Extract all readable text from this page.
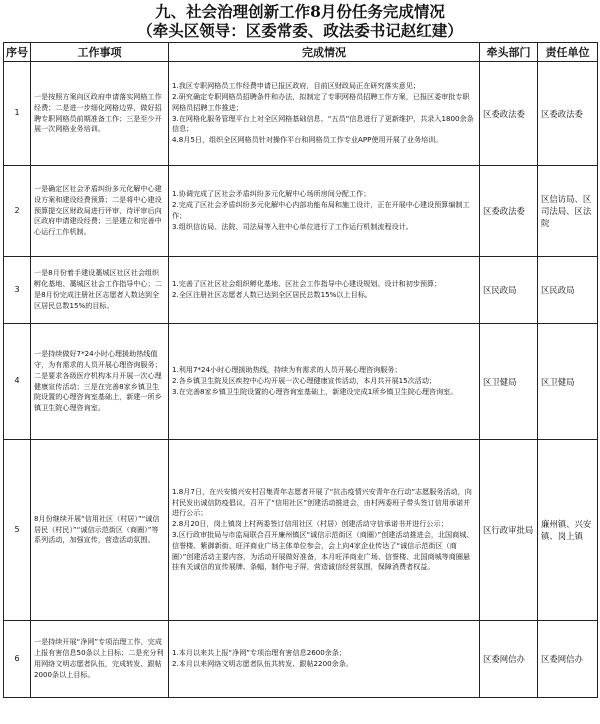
九、社会治理创新工作8月份任务完成情况
（牵头区领导：区委常委、政法委书记赵红建）
序号	工作事项	完成情况	牵头部门	责任单位
1	一是按照方案向区政府申请落实网格工作经费；二是进一步细化网格边界，做好招聘专职网格员前期准备工作；三是至少开展一次网格业务培训。	1.我区专职网格员工作经费申请已报区政府，目前区财政局正在研究落实意见；
2.研究确定专职网格员招聘条件和办法，拟制定了专职网格员招聘工作方案，已报区委审批专职网格员招聘工作推进；
3.在网格化服务管理平台上对全区网格基础信息、“五员”信息进行了更新维护，共录入1800余条信息；
4.8月5日，组织全区网格员针对操作平台和网格员工作专业APP使用开展了业务培训。	区委政法委	区委政法委
2	一是确定区社会矛盾纠纷多元化解中心建设方案和建设经费预算；二是将中心建设预算提交区财政局进行评审，待评审后向区政府申请建设经费；三是建立和完善中心运行工作机制。	1.协调完成了区社会矛盾纠纷多元化解中心场所房间分配工作；
2.完成了区社会矛盾纠纷多元化解中心内部功能布局和施工设计，正在开展中心建设预算编制工作；
3.组织信访局、法院、司法局等入驻中心单位进行了工作运行机制流程设计。	区委政法委	区信访局、区司法局、区法院
3	一是8月份着手建设藁城区社区社会组织孵化基地、藁城区社会工作指导中心；二是8月份完成注册社区志愿者人数达到全区居民总数15%的目标。	1.完善了区社区社会组织孵化基地、区社会工作指导中心建设规划、设计和初步预算；
2.全区注册社区志愿者人数已达到全区居民总数15%以上目标。	区民政局	区民政局
4	一是持续做好7*24小时心理援助热线值守，为有需求的人员开展心理咨询服务；二是要求各级医疗机构本月开展一次心理健康宣传活动；三是在完善8家乡镇卫生院设置的心理咨询室基础上，新建一所乡镇卫生院心理咨询室。	1.利用7*24小时心理援助热线，持续为有需求的人员开展心理咨询服务；
2.各乡镇卫生院及区疾控中心均开展一次心理健康宣传活动，本月共开展15次活动；
3.在完善8家乡镇卫生院设置的心理咨询室基础上，新建设完成1所乡镇卫生院心理咨询室。	区卫健局	区卫健局
5	8月份继续开展“信用社区（村居）”“诚信居民（村民）”“诚信示范街区（商圈）”等系列活动，加强宣传，营造活动氛围。	1.8月7日，在兴安镇兴安村召集青年志愿者开展了“抗击疫情兴安青年在行动”志愿服务活动，向村民发出诚信防疫倡议，召开了“信用社区”创建活动推进会，由村两委班子带头签订信用承诺并进行公示；
2.8月20日，岗上镇岗上村两委签订信用社区（村居）创建活动守信承诺书并进行公示；
3.区行政审批局与市监局联合召开廉州镇区“诚信示范街区（商圈）”创建活动推进会，北国商城、信誉楼、紫御新街、旺洋商业广场主体单位参会，会上向4家企业传达了“诚信示范街区（商圈）”创建活动主要内容，为活动开展做好准备，本月旺洋商业广场、信誉楼、北国商城等商圈悬挂有关诚信的宣传展牌、条幅，制作电子屏，营造诚信经营氛围，保障消费者权益。	区行政审批局	廉州镇、兴安镇、岗上镇
6	一是持续开展“净网”专项治理工作，完成上报有害信息50条以上目标；二是充分利用网络文明志愿者队伍，完成转发、跟帖2000条以上目标。	1.本月以来共上报“净网”专项治理有害信息2600余条；
2.本月以来网络文明志愿者队伍共转发、跟帖2200余条。	区委网信办	区委网信办
